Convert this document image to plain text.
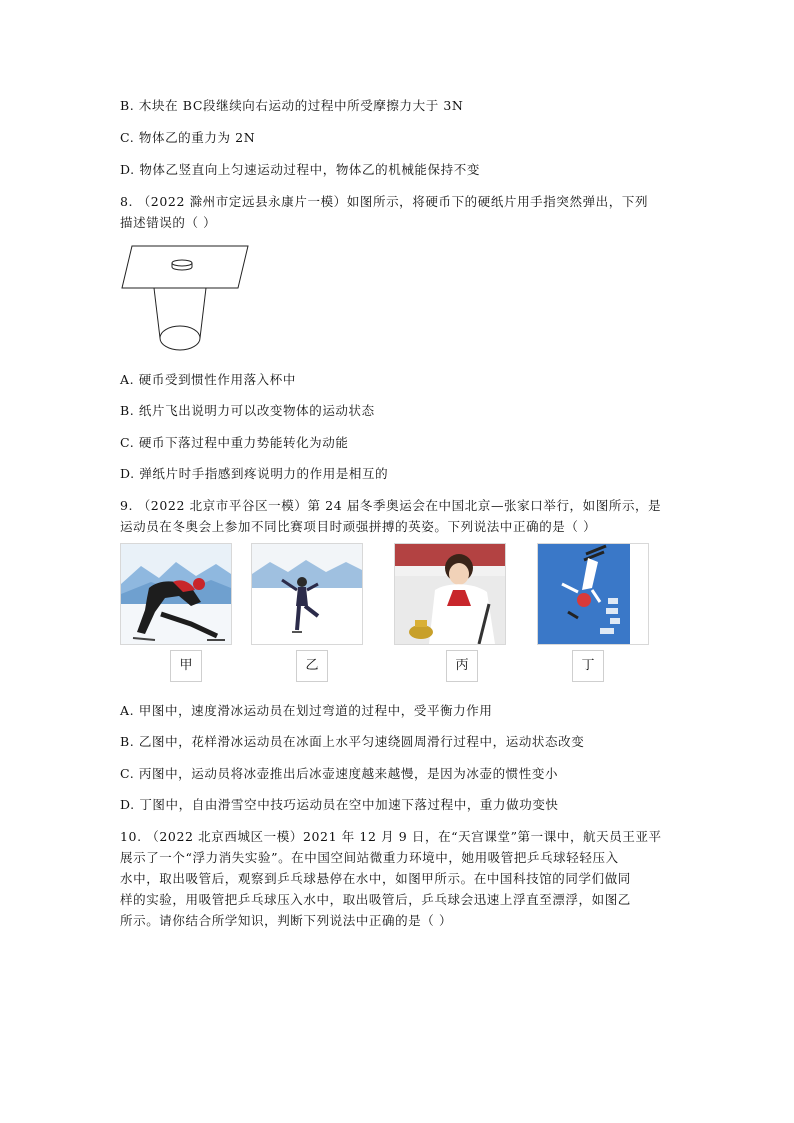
B. 木块在 BC段继续向右运动的过程中所受摩擦力大于 3N
C. 物体乙的重力为 2N
D. 物体乙竖直向上匀速运动过程中，物体乙的机械能保持不变
8. （2022 滁州市定远县永康片一模）如图所示，将硬币下的硬纸片用手指突然弹出，下列
描述错误的（ ）
A. 硬币受到惯性作用落入杯中
B. 纸片飞出说明力可以改变物体的运动状态
C. 硬币下落过程中重力势能转化为动能
D. 弹纸片时手指感到疼说明力的作用是相互的
9. （2022 北京市平谷区一模）第 24 届冬季奥运会在中国北京—张家口举行，如图所示，是
运动员在冬奥会上参加不同比赛项目时顽强拼搏的英姿。下列说法中正确的是（ ）
甲	乙	丙	丁
A. 甲图中，速度滑冰运动员在划过弯道的过程中，受平衡力作用
B. 乙图中，花样滑冰运动员在冰面上水平匀速绕圆周滑行过程中，运动状态改变
C. 丙图中，运动员将冰壶推出后冰壶速度越来越慢，是因为冰壶的惯性变小
D. 丁图中，自由滑雪空中技巧运动员在空中加速下落过程中，重力做功变快
10. （2022 北京西城区一模）2021 年 12 月 9 日，在“天宫课堂”第一课中，航天员王亚平
展示了一个“浮力消失实验”。在中国空间站微重力环境中，她用吸管把乒乓球轻轻压入
水中，取出吸管后，观察到乒乓球悬停在水中，如图甲所示。在中国科技馆的同学们做同
样的实验，用吸管把乒乓球压入水中，取出吸管后，乒乓球会迅速上浮直至漂浮，如图乙
所示。请你结合所学知识，判断下列说法中正确的是（ ）
